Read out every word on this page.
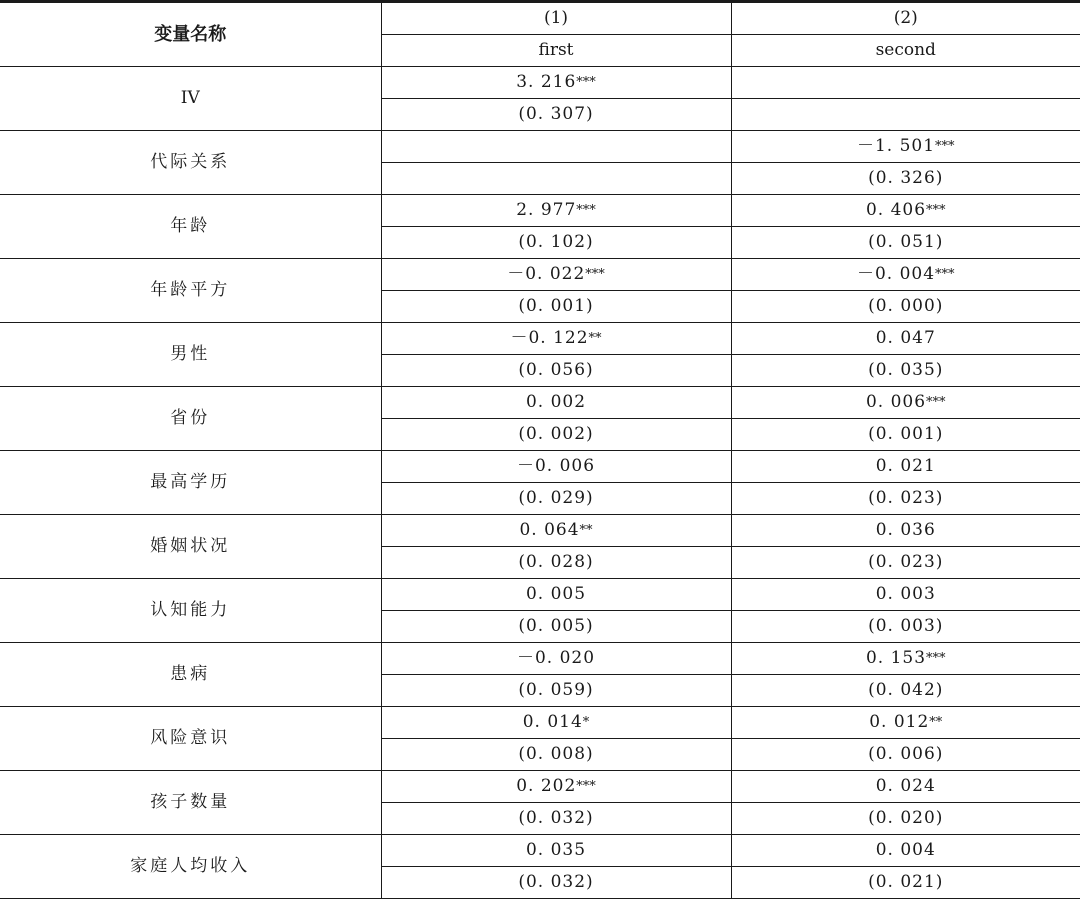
变量名称	(1)	(2)
	first	second
IV	3. 216***	
	(0. 307)	
代际关系		－1. 501***
		(0. 326)
年龄	2. 977***	0. 406***
	(0. 102)	(0. 051)
年龄平方	－0. 022***	－0. 004***
	(0. 001)	(0. 000)
男性	－0. 122**	0. 047
	(0. 056)	(0. 035)
省份	0. 002	0. 006***
	(0. 002)	(0. 001)
最高学历	－0. 006	0. 021
	(0. 029)	(0. 023)
婚姻状况	0. 064**	0. 036
	(0. 028)	(0. 023)
认知能力	0. 005	0. 003
	(0. 005)	(0. 003)
患病	－0. 020	0. 153***
	(0. 059)	(0. 042)
风险意识	0. 014*	0. 012**
	(0. 008)	(0. 006)
孩子数量	0. 202***	0. 024
	(0. 032)	(0. 020)
家庭人均收入	0. 035	0. 004
	(0. 032)	(0. 021)
